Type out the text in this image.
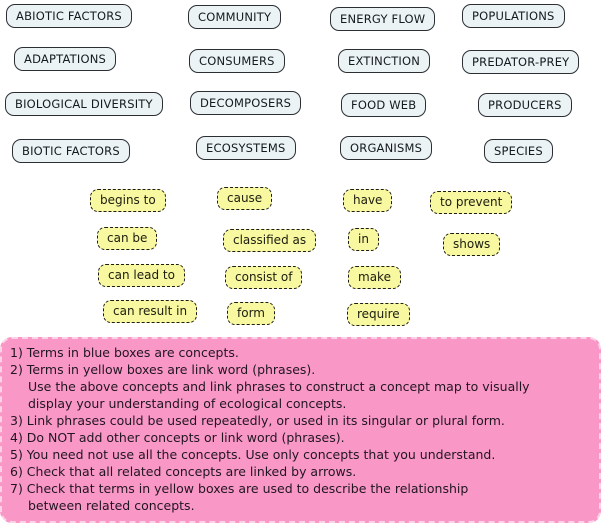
ABIOTIC FACTORS
ADAPTATIONS
BIOLOGICAL DIVERSITY
BIOTIC FACTORS
COMMUNITY
CONSUMERS
DECOMPOSERS
ECOSYSTEMS
ENERGY FLOW
EXTINCTION
FOOD WEB
ORGANISMS
POPULATIONS
PREDATOR-PREY
PRODUCERS
SPECIES
begins to
can be
can lead to
can result in
cause
classified as
consist of
form
have
in
make
require
to prevent
shows
1) Terms in blue boxes are concepts.
2) Terms in yellow boxes are link word (phrases).
Use the above concepts and link phrases to construct a concept map to visually
display your understanding of ecological concepts.
3) Link phrases could be used repeatedly, or used in its singular or plural form.
4) Do NOT add other concepts or link word (phrases).
5) You need not use all the concepts. Use only concepts that you understand.
6) Check that all related concepts are linked by arrows.
7) Check that terms in yellow boxes are used to describe the relationship
between related concepts.
